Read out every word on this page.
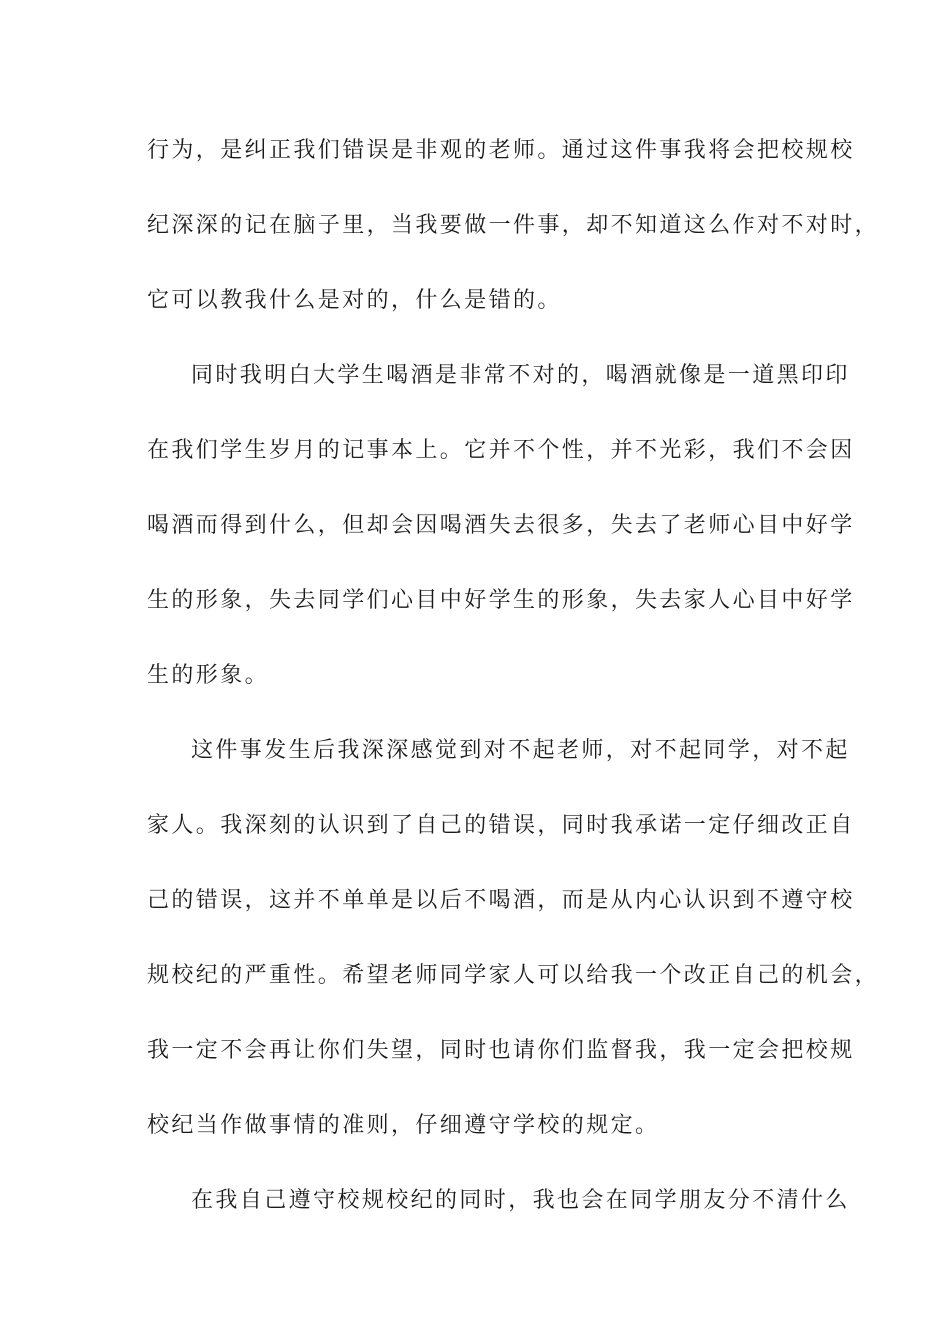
行为，是纠正我们错误是非观的老师。通过这件事我将会把校规校
纪深深的记在脑子里，当我要做一件事，却不知道这么作对不对时，
它可以教我什么是对的，什么是错的。
同时我明白大学生喝酒是非常不对的，喝酒就像是一道黑印印
在我们学生岁月的记事本上。它并不个性，并不光彩，我们不会因
喝酒而得到什么，但却会因喝酒失去很多，失去了老师心目中好学
生的形象，失去同学们心目中好学生的形象，失去家人心目中好学
生的形象。
这件事发生后我深深感觉到对不起老师，对不起同学，对不起
家人。我深刻的认识到了自己的错误，同时我承诺一定仔细改正自
己的错误，这并不单单是以后不喝酒，而是从内心认识到不遵守校
规校纪的严重性。希望老师同学家人可以给我一个改正自己的机会，
我一定不会再让你们失望，同时也请你们监督我，我一定会把校规
校纪当作做事情的准则，仔细遵守学校的规定。
在我自己遵守校规校纪的同时，我也会在同学朋友分不清什么
